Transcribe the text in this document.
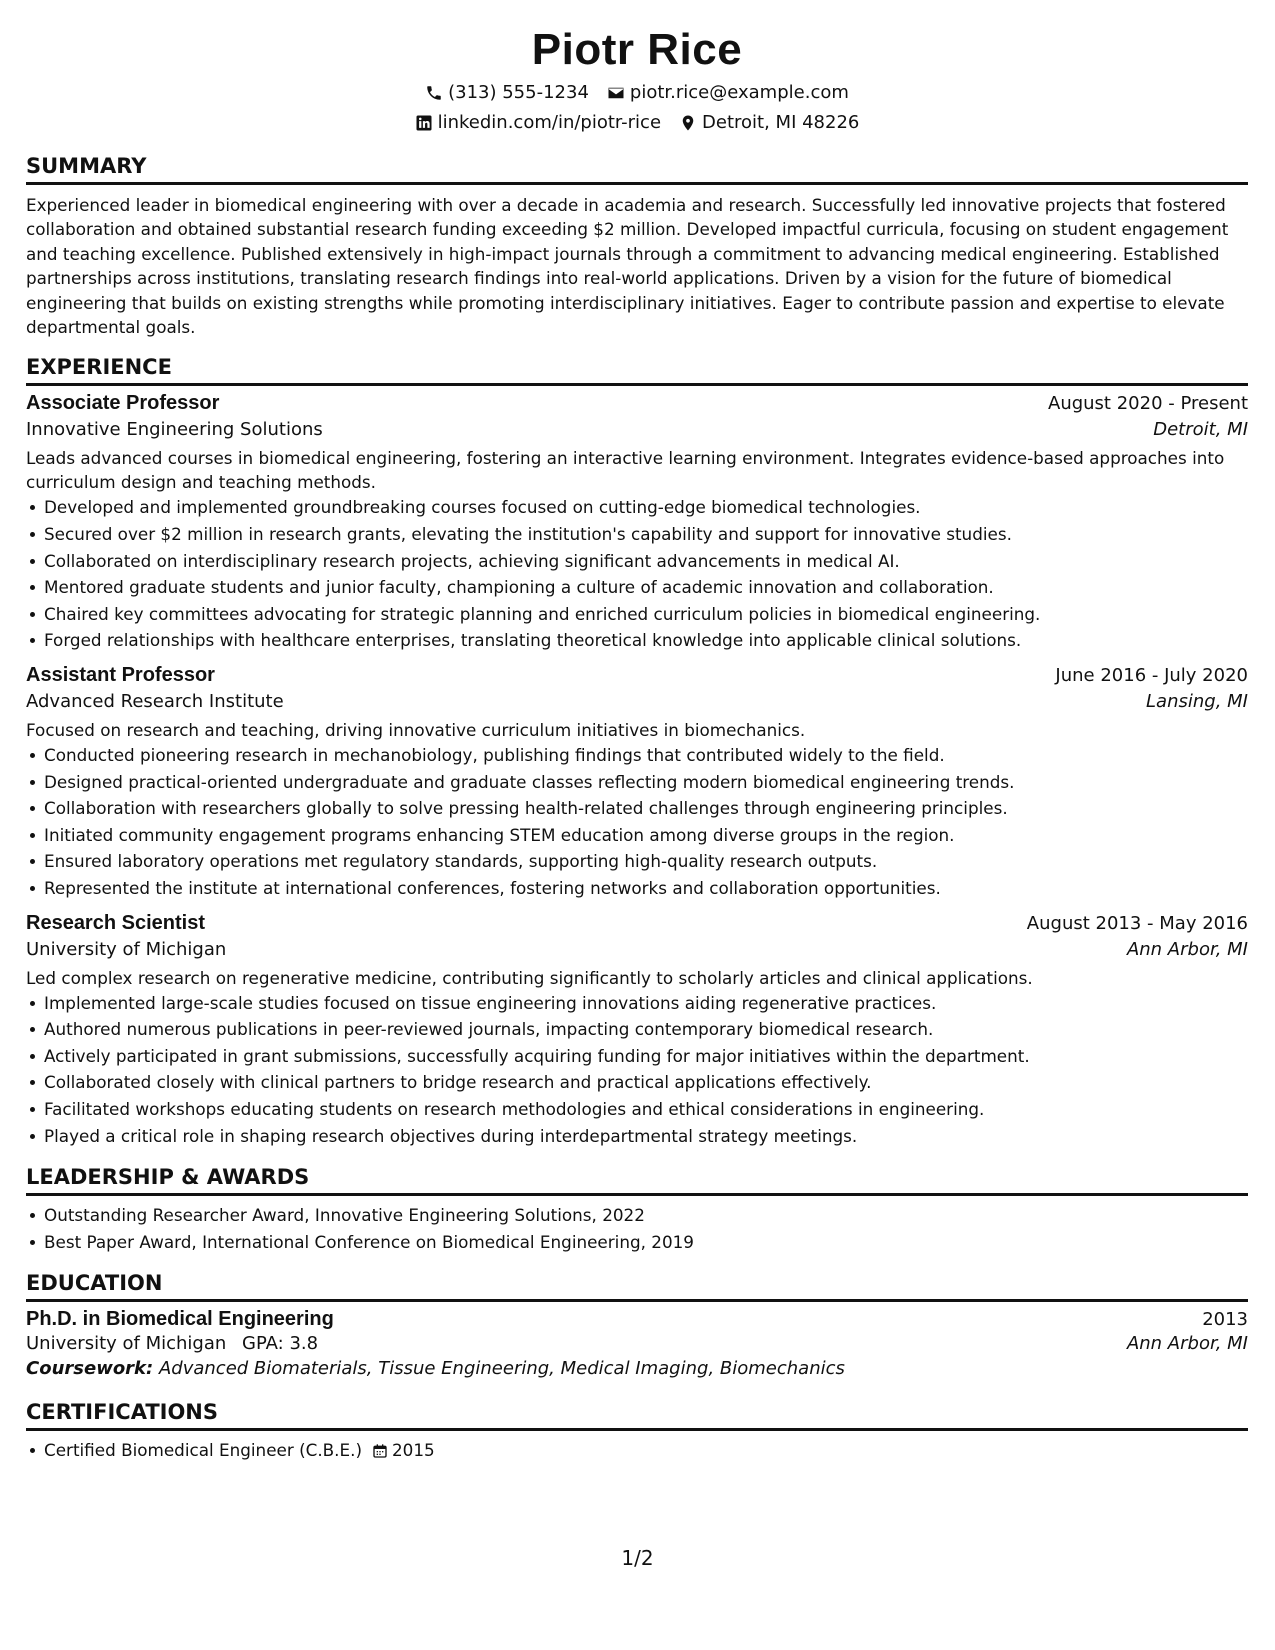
Piotr Rice
(313) 555-1234 piotr.rice@example.com
linkedin.com/in/piotr-rice Detroit, MI 48226
SUMMARY

Experienced leader in biomedical engineering with over a decade in academia and research. Successfully led innovative projects that fostered collaboration and obtained substantial research funding exceeding $2 million. Developed impactful curricula, focusing on student engagement and teaching excellence. Published extensively in high-impact journals through a commitment to advancing medical engineering. Established partnerships across institutions, translating research findings into real-world applications. Driven by a vision for the future of biomedical engineering that builds on existing strengths while promoting interdisciplinary initiatives. Eager to contribute passion and expertise to elevate departmental goals.

EXPERIENCE
Associate Professor	August 2020 - Present
Innovative Engineering Solutions	Detroit, MI

Leads advanced courses in biomedical engineering, fostering an interactive learning environment. Integrates evidence-based approaches into curriculum design and teaching methods.

Developed and implemented groundbreaking courses focused on cutting-edge biomedical technologies.
Secured over $2 million in research grants, elevating the institution's capability and support for innovative studies.
Collaborated on interdisciplinary research projects, achieving significant advancements in medical AI.
Mentored graduate students and junior faculty, championing a culture of academic innovation and collaboration.
Chaired key committees advocating for strategic planning and enriched curriculum policies in biomedical engineering.
Forged relationships with healthcare enterprises, translating theoretical knowledge into applicable clinical solutions.
Assistant Professor	June 2016 - July 2020
Advanced Research Institute	Lansing, MI

Focused on research and teaching, driving innovative curriculum initiatives in biomechanics.

Conducted pioneering research in mechanobiology, publishing findings that contributed widely to the field.
Designed practical-oriented undergraduate and graduate classes reflecting modern biomedical engineering trends.
Collaboration with researchers globally to solve pressing health-related challenges through engineering principles.
Initiated community engagement programs enhancing STEM education among diverse groups in the region.
Ensured laboratory operations met regulatory standards, supporting high-quality research outputs.
Represented the institute at international conferences, fostering networks and collaboration opportunities.
Research Scientist	August 2013 - May 2016
University of Michigan	Ann Arbor, MI

Led complex research on regenerative medicine, contributing significantly to scholarly articles and clinical applications.

Implemented large-scale studies focused on tissue engineering innovations aiding regenerative practices.
Authored numerous publications in peer-reviewed journals, impacting contemporary biomedical research.
Actively participated in grant submissions, successfully acquiring funding for major initiatives within the department.
Collaborated closely with clinical partners to bridge research and practical applications effectively.
Facilitated workshops educating students on research methodologies and ethical considerations in engineering.
Played a critical role in shaping research objectives during interdepartmental strategy meetings.
LEADERSHIP & AWARDS
Outstanding Researcher Award, Innovative Engineering Solutions, 2022
Best Paper Award, International Conference on Biomedical Engineering, 2019
EDUCATION
Ph.D. in Biomedical Engineering	2013
University of Michigan GPA: 3.8	Ann Arbor, MI
Coursework: Advanced Biomaterials, Tissue Engineering, Medical Imaging, Biomechanics
CERTIFICATIONS
Certified Biomedical Engineer (C.B.E.) 2015
1/2
